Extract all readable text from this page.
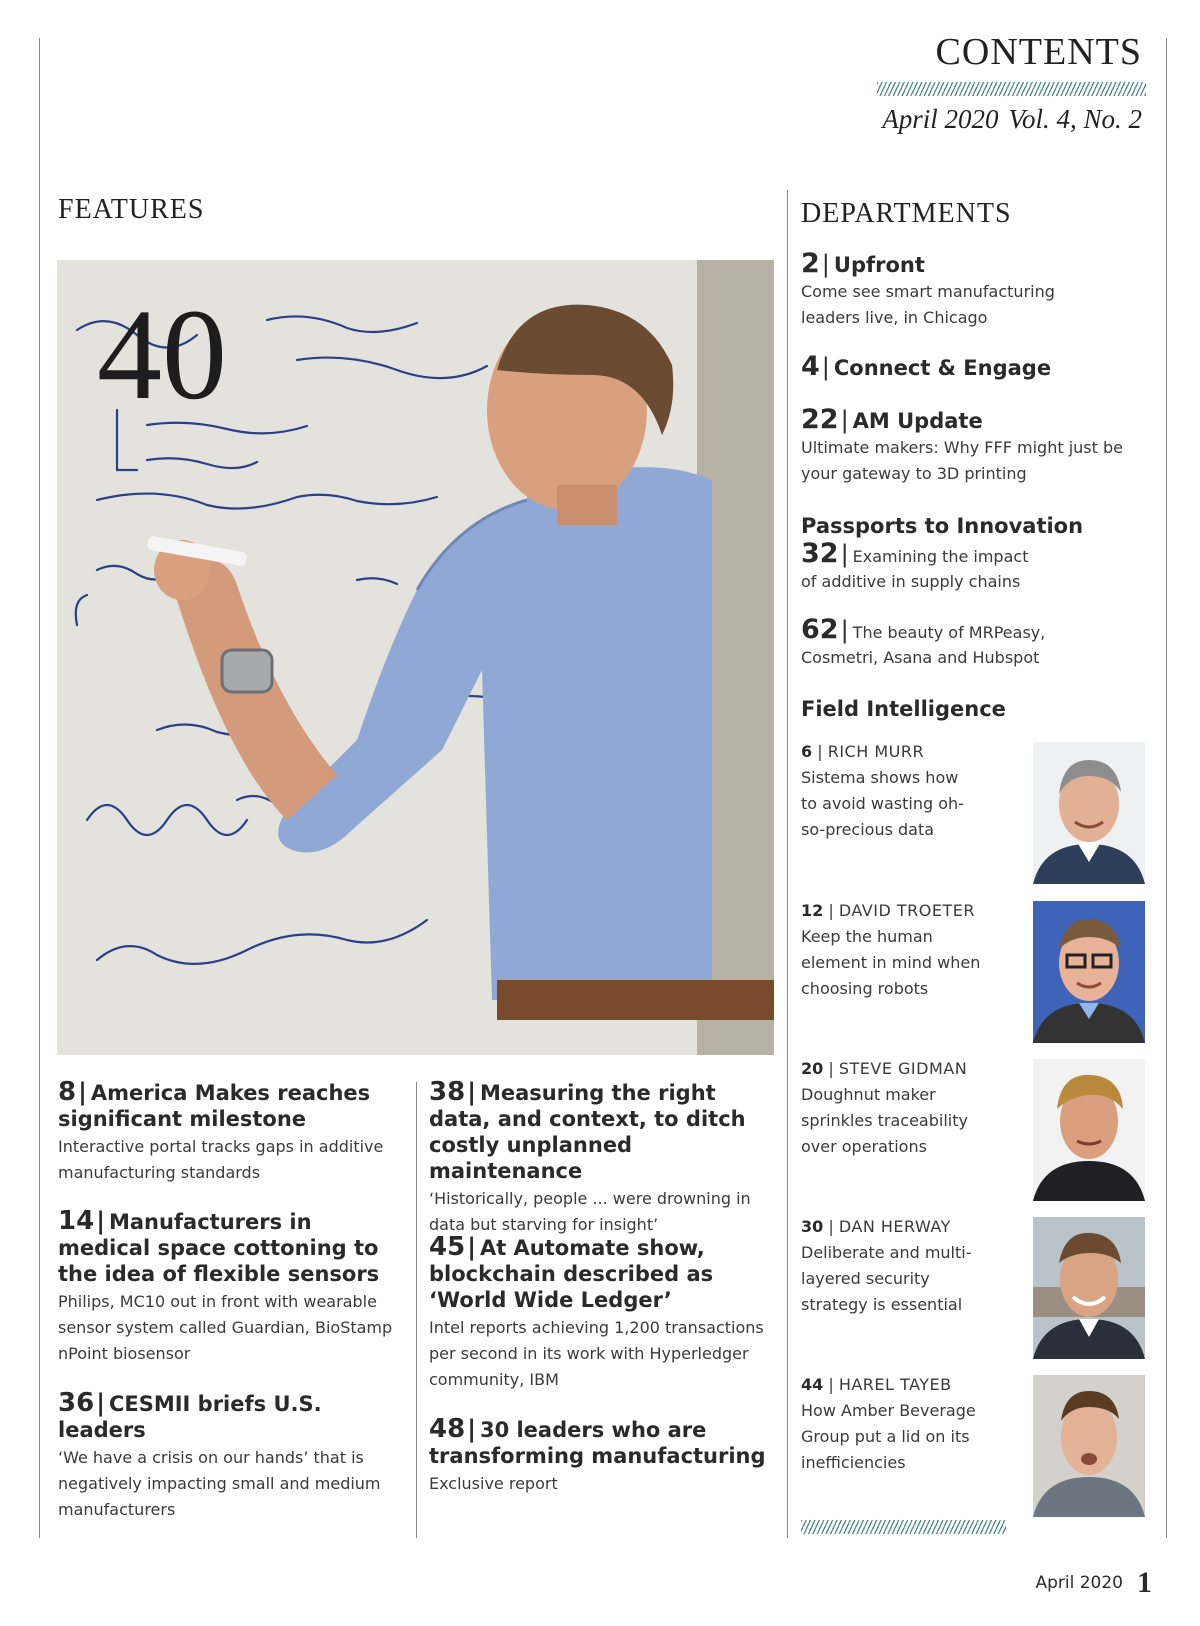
CONTENTS
April 2020 Vol. 4, No. 2
FEATURES
40
8| America Makes reaches significant milestone
Interactive portal tracks gaps in additive manufacturing standards
14| Manufacturers in medical space cottoning to the idea of flexible sensors
Philips, MC10 out in front with wearable sensor system called Guardian, BioStamp nPoint biosensor
36| CESMII briefs U.S. leaders
‘We have a crisis on our hands’ that is negatively impacting small and medium manufacturers
38| Measuring the right data, and context, to ditch costly unplanned maintenance
‘Historically, people ... were drowning in data but starving for insight’
45| At Automate show, blockchain described as ‘World Wide Ledger’
Intel reports achieving 1,200 transactions per second in its work with Hyperledger community, IBM
48| 30 leaders who are transforming manufacturing
Exclusive report
DEPARTMENTS
2| Upfront
Come see smart manufacturing leaders live, in Chicago
4| Connect & Engage
22| AM Update
Ultimate makers: Why FFF might just be your gateway to 3D printing
Passports to Innovation
32| Examining the impact
of additive in supply chains
62| The beauty of MRPeasy,
Cosmetri, Asana and Hubspot
Field Intelligence
6 | RICH MURR
Sistema shows how to avoid wasting oh-so-precious data
12 | DAVID TROETER
Keep the human element in mind when choosing robots
20 | STEVE GIDMAN
Doughnut maker sprinkles traceability over operations
30 | DAN HERWAY
Deliberate and multi-layered security strategy is essential
44 | HAREL TAYEB
How Amber Beverage Group put a lid on its inefficiencies
April 2020 1
